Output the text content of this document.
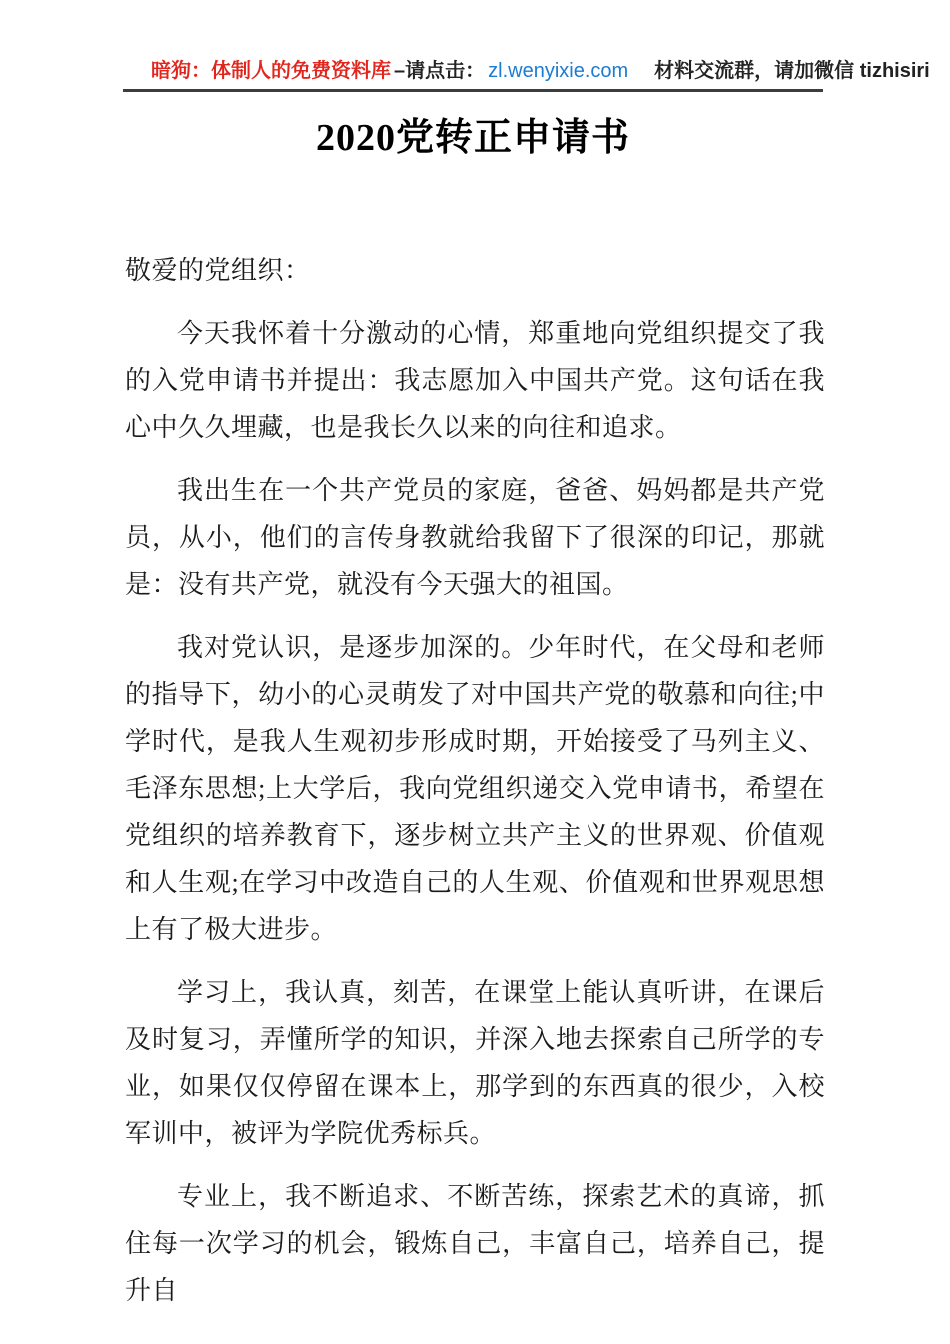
暗狗：体制人的免费资料库 –请点击： zl.wenyixie.com 材料交流群，请加微信 tizhisiri
2020党转正申请书

敬爱的党组织：

今天我怀着十分激动的心情，郑重地向党组织提交了我的入党申请书并提出：我志愿加入中国共产党。这句话在我心中久久埋藏，也是我长久以来的向往和追求。

我出生在一个共产党员的家庭，爸爸、妈妈都是共产党员，从小，他们的言传身教就给我留下了很深的印记，那就是：没有共产党，就没有今天强大的祖国。

我对党认识，是逐步加深的。少年时代，在父母和老师的指导下，幼小的心灵萌发了对中国共产党的敬慕和向往;中学时代，是我人生观初步形成时期，开始接受了马列主义、毛泽东思想;上大学后，我向党组织递交入党申请书，希望在党组织的培养教育下，逐步树立共产主义的世界观、价值观和人生观;在学习中改造自己的人生观、价值观和世界观思想上有了极大进步。

学习上，我认真，刻苦，在课堂上能认真听讲，在课后及时复习，弄懂所学的知识，并深入地去探索自己所学的专业，如果仅仅停留在课本上，那学到的东西真的很少，入校军训中，被评为学院优秀标兵。

专业上，我不断追求、不断苦练，探索艺术的真谛，抓住每一次学习的机会，锻炼自己，丰富自己，培养自己，提升自
